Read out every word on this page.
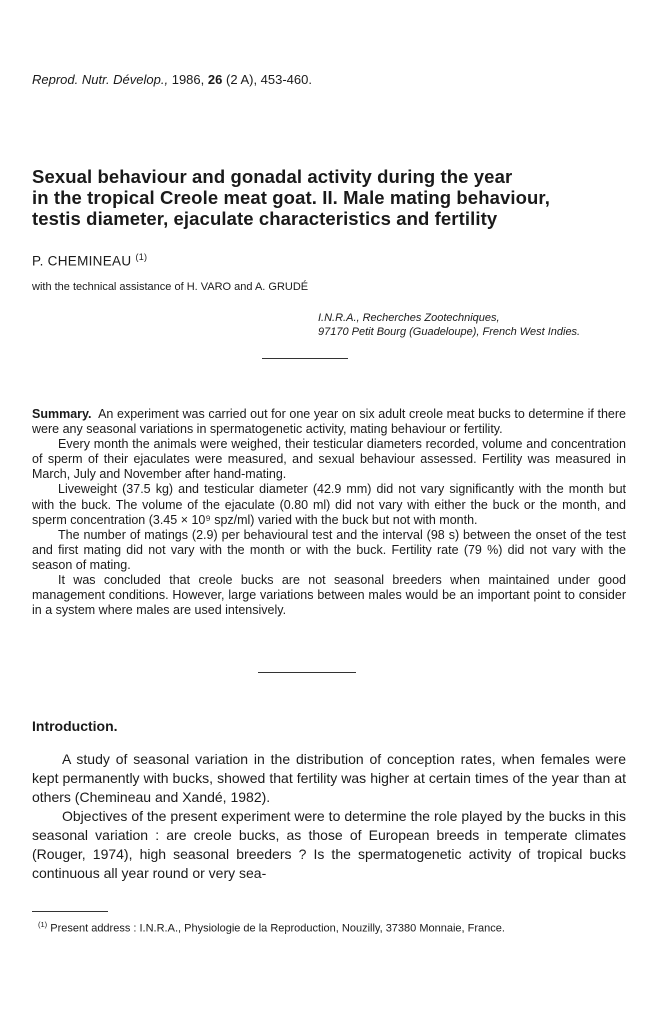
Reprod. Nutr. Dévelop., 1986, 26 (2 A), 453-460.
Sexual behaviour and gonadal activity during the year
in the tropical Creole meat goat. II. Male mating behaviour,
testis diameter, ejaculate characteristics and fertility
P. CHEMINEAU $^{(1)}$
with the technical assistance of H. VARO and A. GRUDÉ
I.N.R.A., Recherches Zootechniques,
97170 Petit Bourg (Guadeloupe), French West Indies.

Summary. An experiment was carried out for one year on six adult creole meat bucks to determine if there were any seasonal variations in spermatogenetic activity, mating behaviour or fertility.

Every month the animals were weighed, their testicular diameters recorded, volume and concentration of sperm of their ejaculates were measured, and sexual behaviour assessed. Fertility was measured in March, July and November after hand-mating.

Liveweight (37.5 kg) and testicular diameter (42.9 mm) did not vary significantly with the month but with the buck. The volume of the ejaculate (0.80 ml) did not vary with either the buck or the month, and sperm concentration (3.45 × 10⁹ spz/ml) varied with the buck but not with month.

The number of matings (2.9) per behavioural test and the interval (98 s) between the onset of the test and first mating did not vary with the month or with the buck. Fertility rate (79 %) did not vary with the season of mating.

It was concluded that creole bucks are not seasonal breeders when maintained under good management conditions. However, large variations between males would be an important point to consider in a system where males are used intensively.

Introduction.

A study of seasonal variation in the distribution of conception rates, when females were kept permanently with bucks, showed that fertility was higher at certain times of the year than at others (Chemineau and Xandé, 1982).

Objectives of the present experiment were to determine the role played by the bucks in this seasonal variation : are creole bucks, as those of European breeds in temperate climates (Rouger, 1974), high seasonal breeders ? Is the spermatogenetic activity of tropical bucks continuous all year round or very sea-

$^{(1)}$ Present address : I.N.R.A., Physiologie de la Reproduction, Nouzilly, 37380 Monnaie, France.
